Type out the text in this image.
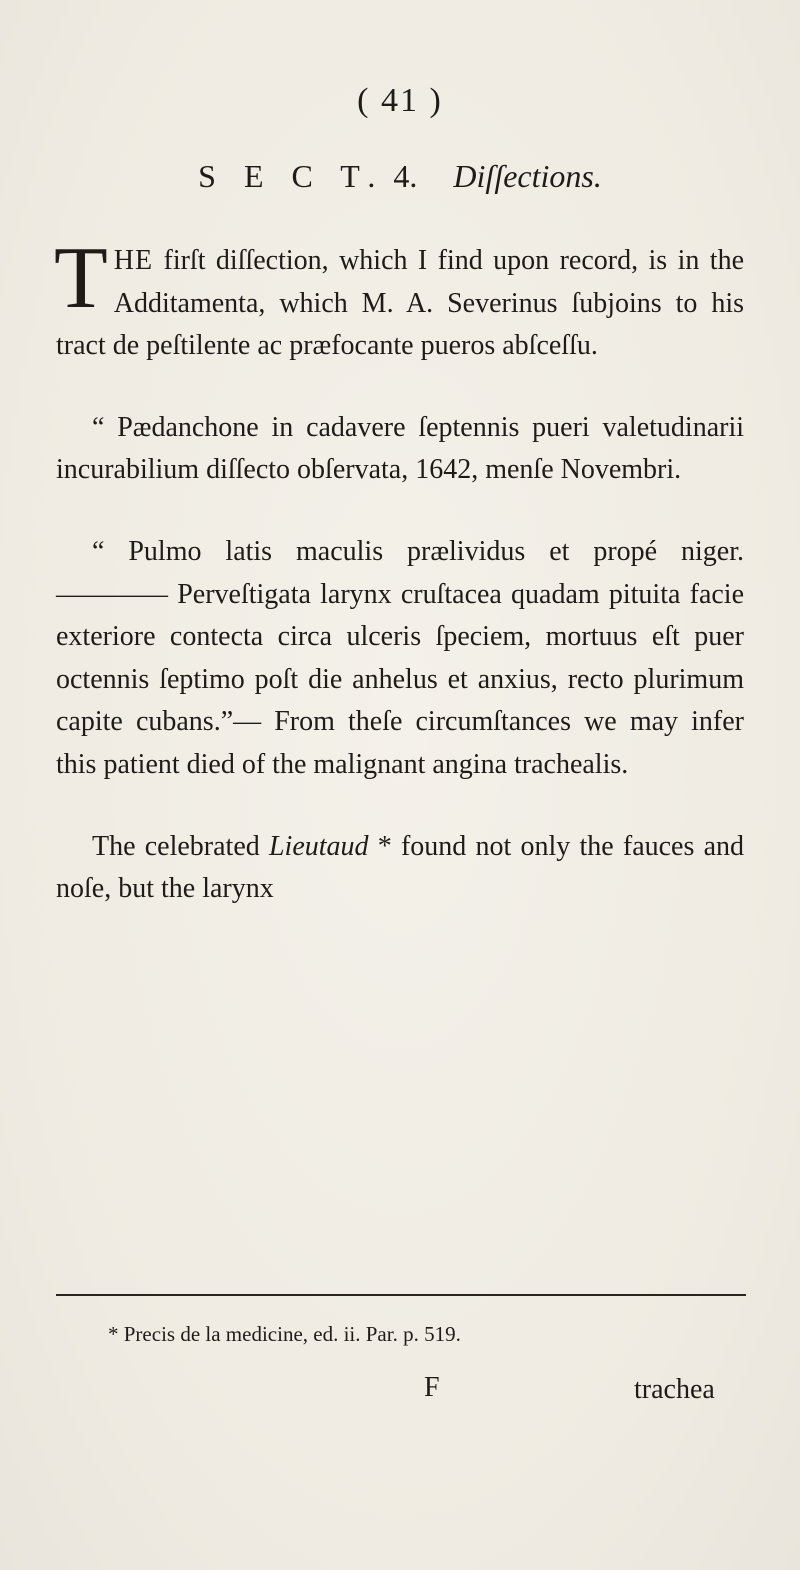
( 41 )
S E C T. 4. Diſſections.

THE firſt diſſection, which I find upon record, is in the Additamenta, which M. A. Severinus ſubjoins to his tract de peſtilente ac præfocante pueros abſceſſu.

“ Pædanchone in cadavere ſeptennis pueri valetudinarii incurabilium diſſecto obſervata, 1642, menſe Novembri.

“ Pulmo latis maculis prælividus et propé niger. ———— Perveſtigata larynx cruſtacea quadam pituita facie exteriore contecta circa ulceris ſpeciem, mortuus eſt puer octennis ſeptimo poſt die anhelus et anxius, recto plurimum capite cubans.”— From theſe circumſtances we may infer this patient died of the malignant angina trachealis.

The celebrated Lieutaud * found not only the fauces and noſe, but the larynx

* Precis de la medicine, ed. ii. Par. p. 519.
F	trachea
